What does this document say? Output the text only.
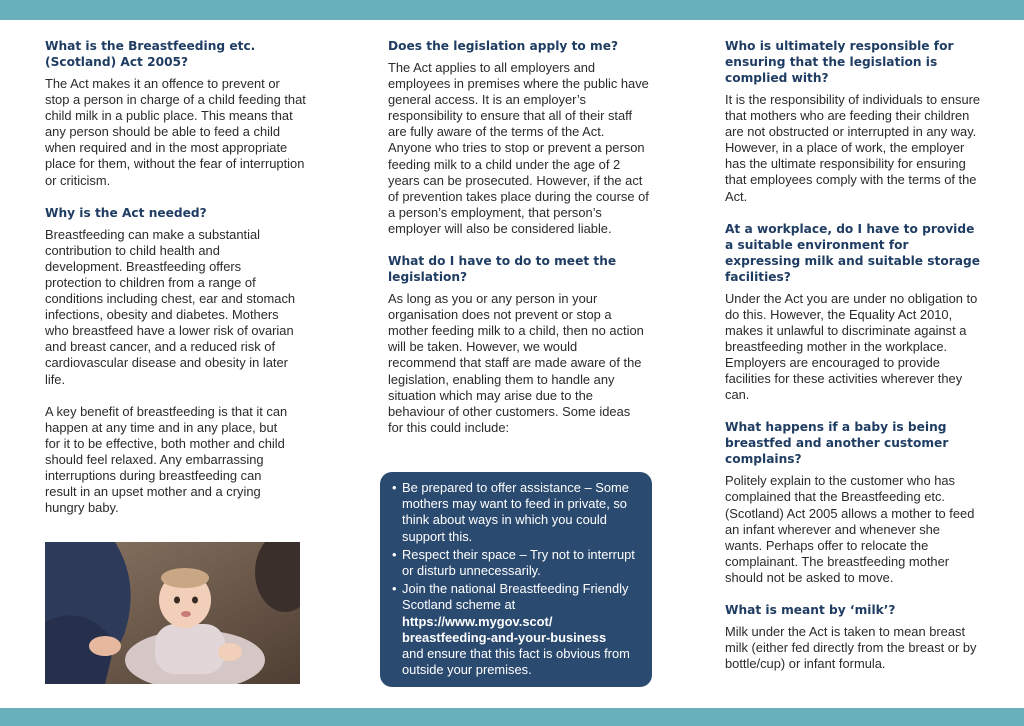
What is the Breastfeeding etc. (Scotland) Act 2005?

The Act makes it an offence to prevent or stop a person in charge of a child feeding that child milk in a public place. This means that any person should be able to feed a child when required and in the most appropriate place for them, without the fear of interruption or criticism.

Why is the Act needed?

Breastfeeding can make a substantial contribution to child health and development. Breastfeeding offers protection to children from a range of conditions including chest, ear and stomach infections, obesity and diabetes. Mothers who breastfeed have a lower risk of ovarian and breast cancer, and a reduced risk of cardiovascular disease and obesity in later life.

A key benefit of breastfeeding is that it can happen at any time and in any place, but for it to be effective, both mother and child should feel relaxed. Any embarrassing interruptions during breastfeeding can result in an upset mother and a crying hungry baby.

Does the legislation apply to me?

The Act applies to all employers and employees in premises where the public have general access. It is an employer’s responsibility to ensure that all of their staff are fully aware of the terms of the Act. Anyone who tries to stop or prevent a person feeding milk to a child under the age of 2 years can be prosecuted. However, if the act of prevention takes place during the course of a person’s employment, that person’s employer will also be considered liable.

What do I have to do to meet the legislation?

As long as you or any person in your organisation does not prevent or stop a mother feeding milk to a child, then no action will be taken. However, we would recommend that staff are made aware of the legislation, enabling them to handle any situation which may arise due to the behaviour of other customers. Some ideas for this could include:

• Be prepared to offer assistance – Some mothers may want to feed in private, so think about ways in which you could support this.
• Respect their space – Try not to interrupt or disturb unnecessarily.
• Join the national Breastfeeding Friendly Scotland scheme at
https://www.mygov.scot/ breastfeeding-and-your-business
and ensure that this fact is obvious from outside your premises.
Who is ultimately responsible for ensuring that the legislation is complied with?

It is the responsibility of individuals to ensure that mothers who are feeding their children are not obstructed or interrupted in any way. However, in a place of work, the employer has the ultimate responsibility for ensuring that employees comply with the terms of the Act.

At a workplace, do I have to provide a suitable environment for expressing milk and suitable storage facilities?

Under the Act you are under no obligation to do this. However, the Equality Act 2010, makes it unlawful to discriminate against a breastfeeding mother in the workplace. Employers are encouraged to provide facilities for these activities wherever they can.

What happens if a baby is being breastfed and another customer complains?

Politely explain to the customer who has complained that the Breastfeeding etc. (Scotland) Act 2005 allows a mother to feed an infant wherever and whenever she wants. Perhaps offer to relocate the complainant. The breastfeeding mother should not be asked to move.

What is meant by ‘milk’?

Milk under the Act is taken to mean breast milk (either fed directly from the breast or by bottle/cup) or infant formula.
